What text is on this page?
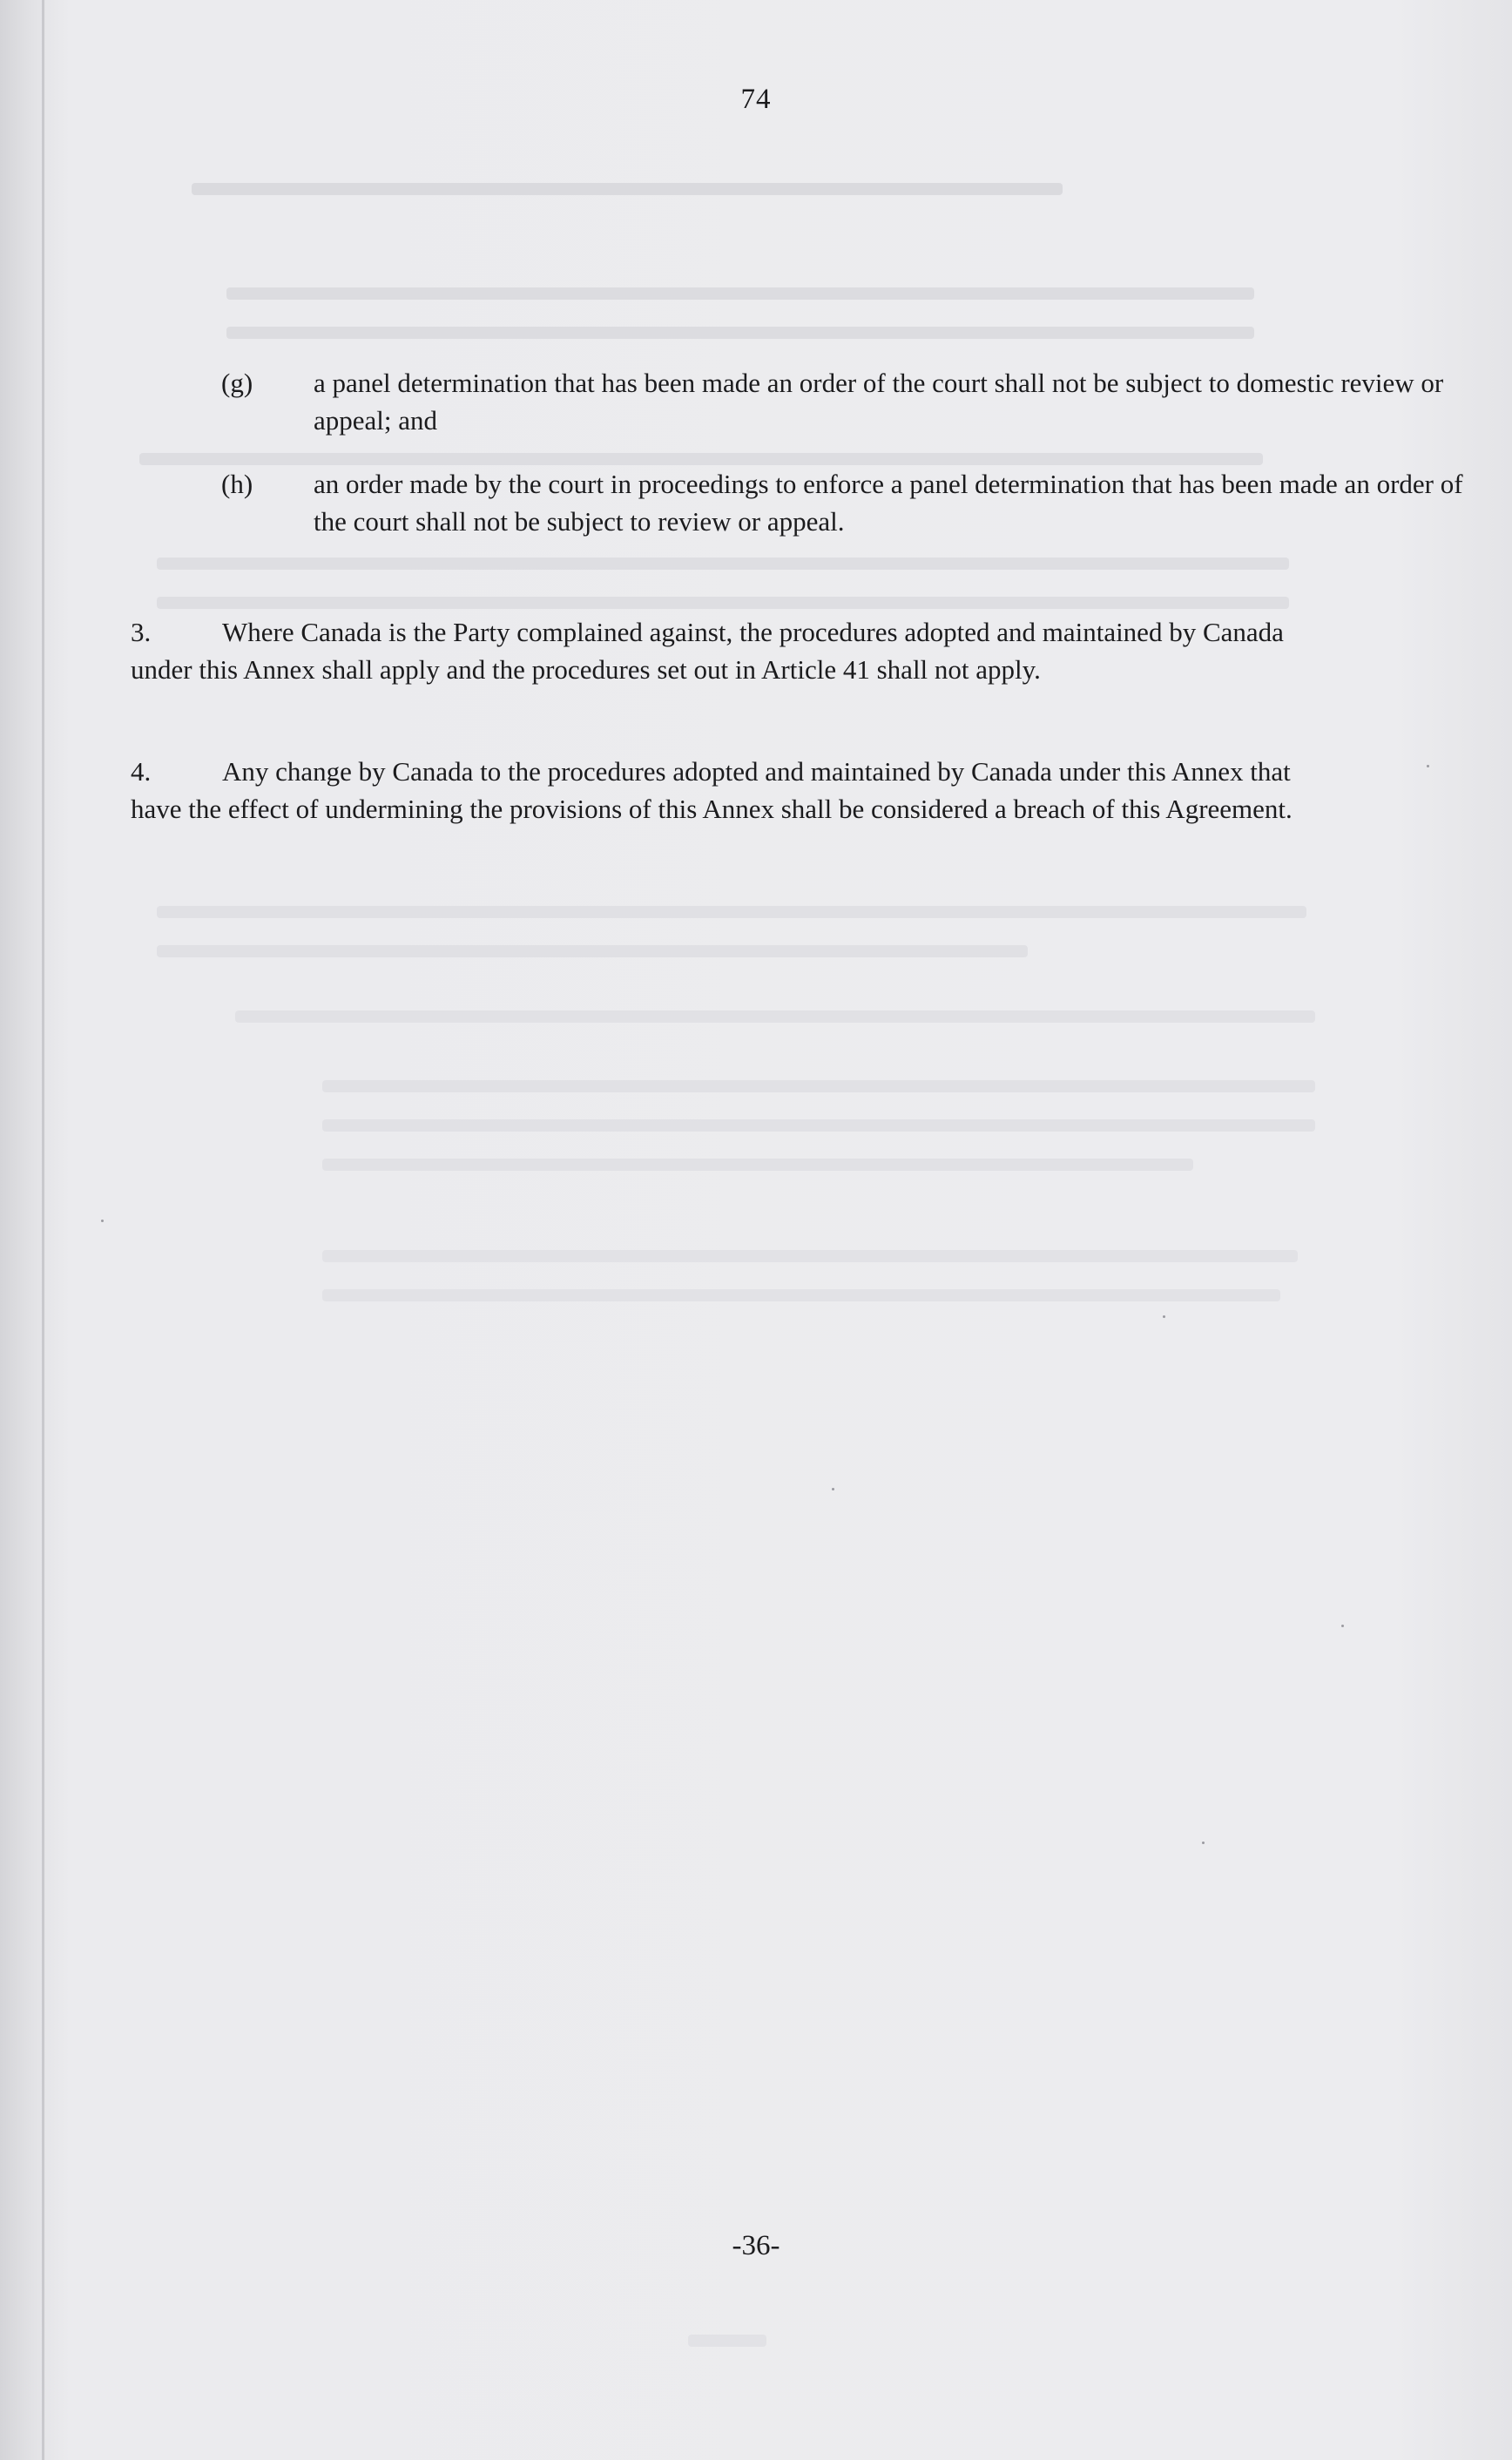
74
(g) a panel determination that has been made an order of the court shall not be subject to domestic review or appeal; and
(h) an order made by the court in proceedings to enforce a panel determination that has been made an order of the court shall not be subject to review or appeal.
3.	Where Canada is the Party complained against, the procedures adopted and maintained by Canada under this Annex shall apply and the procedures set out in Article 41 shall not apply.
4.	Any change by Canada to the procedures adopted and maintained by Canada under this Annex that have the effect of undermining the provisions of this Annex shall be considered a breach of this Agreement.
-36-
